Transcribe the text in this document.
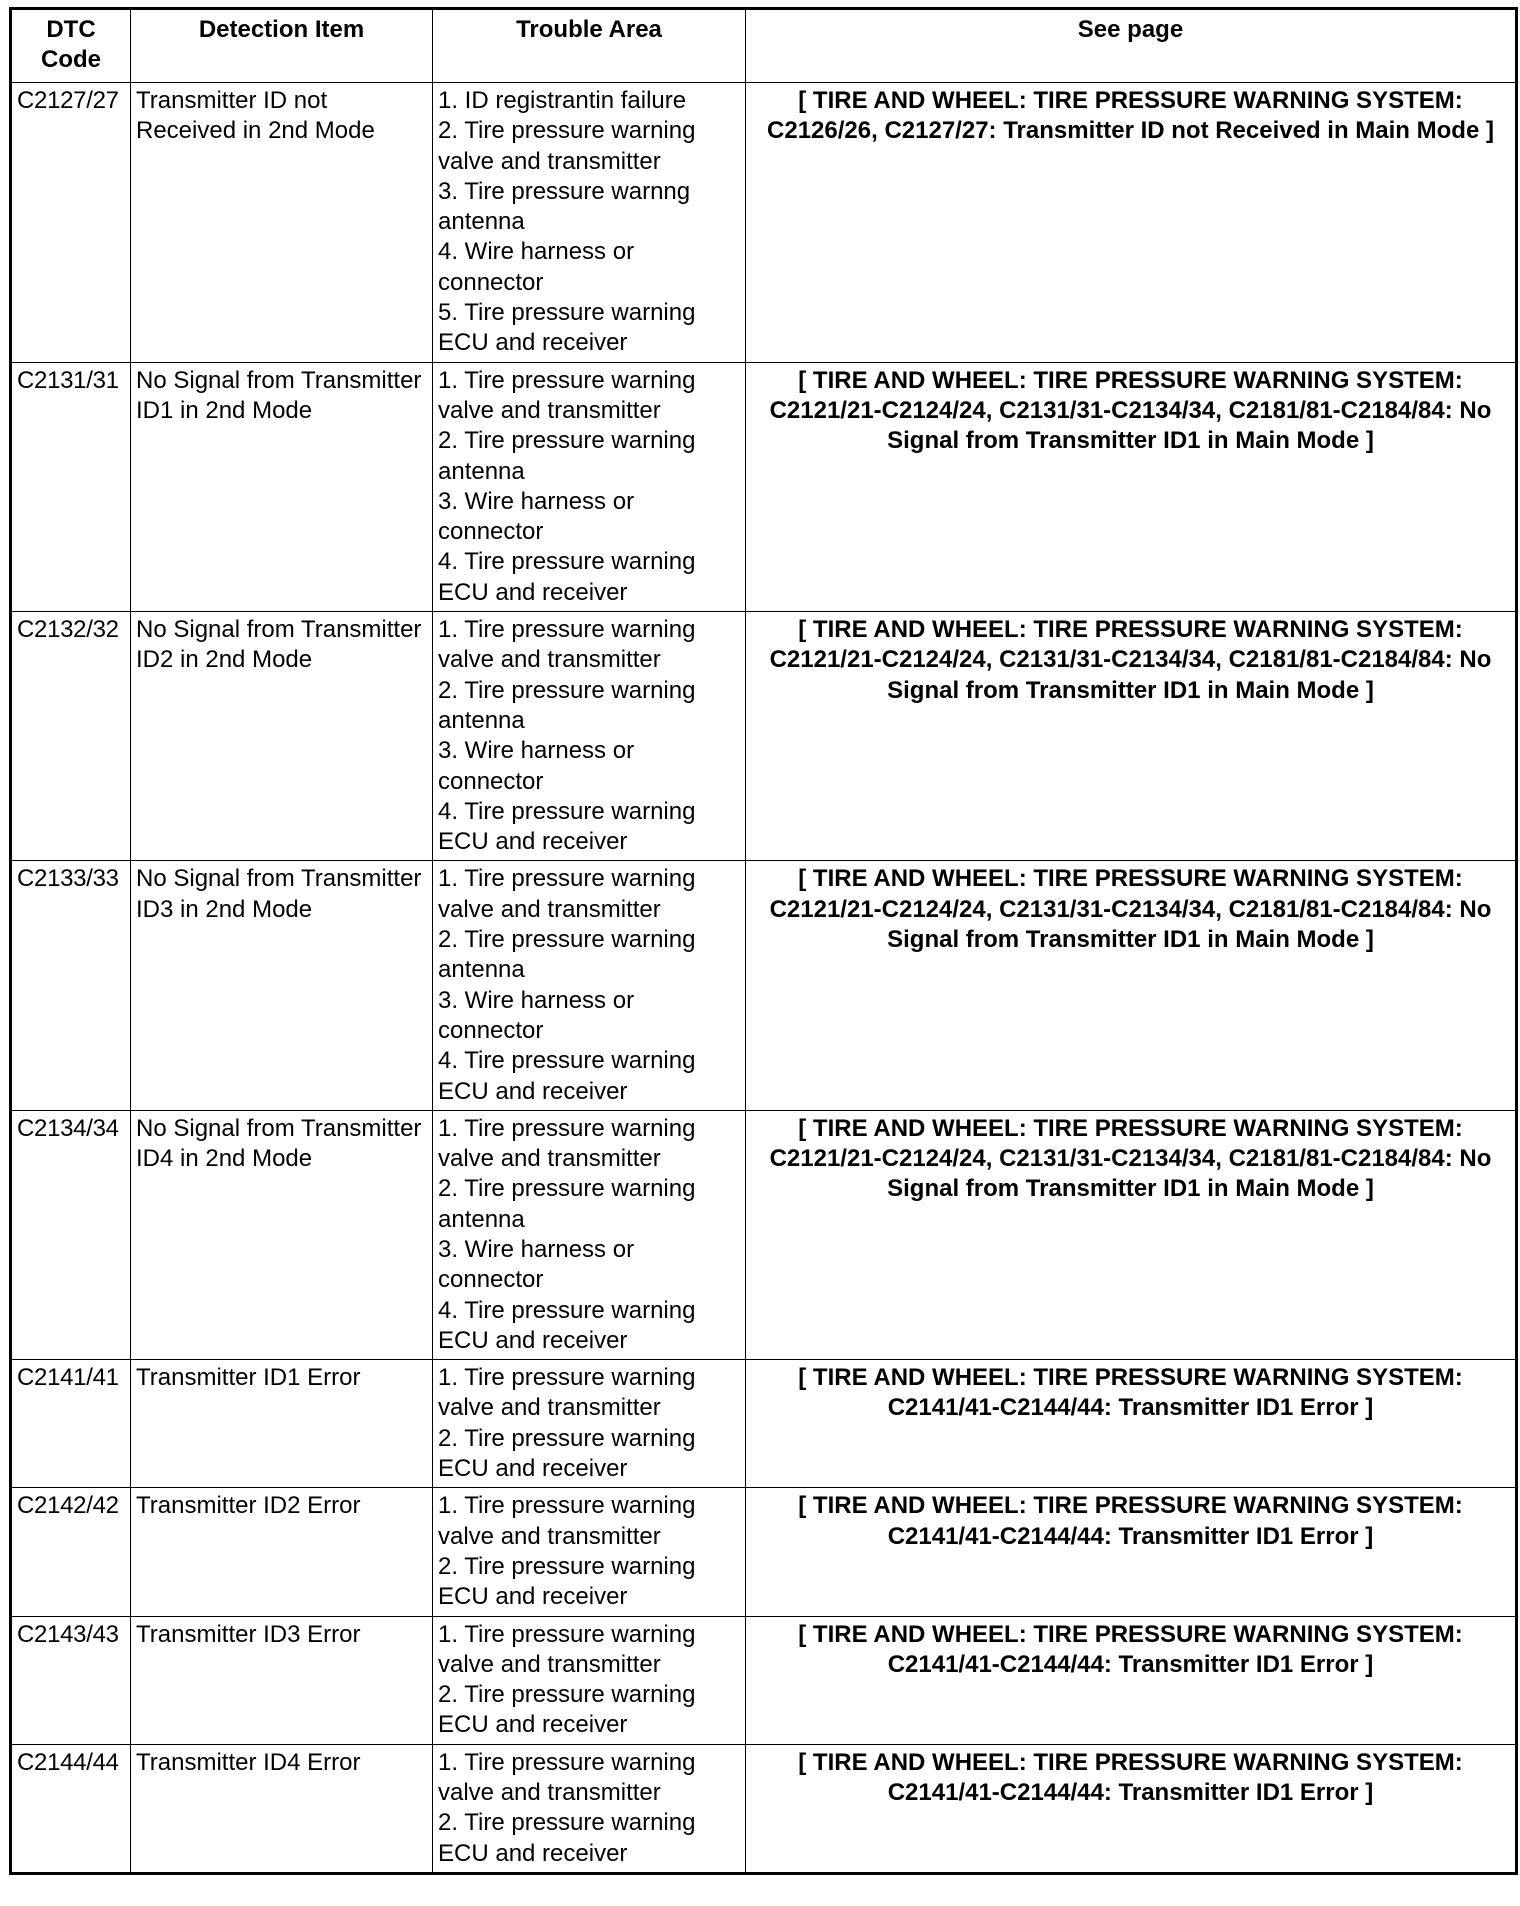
DTC Code	Detection Item	Trouble Area	See page
C2127/27	Transmitter ID not Received in 2nd Mode	1. ID registrantin failure
2. Tire pressure warning valve and transmitter
3. Tire pressure warnng antenna
4. Wire harness or connector
5. Tire pressure warning ECU and receiver	[ TIRE AND WHEEL: TIRE PRESSURE WARNING SYSTEM: C2126/26, C2127/27: Transmitter ID not Received in Main Mode ]
C2131/31	No Signal from Transmitter ID1 in 2nd Mode	1. Tire pressure warning valve and transmitter
2. Tire pressure warning antenna
3. Wire harness or connector
4. Tire pressure warning ECU and receiver	[ TIRE AND WHEEL: TIRE PRESSURE WARNING SYSTEM: C2121/21-C2124/24, C2131/31-C2134/34, C2181/81-C2184/84: No Signal from Transmitter ID1 in Main Mode ]
C2132/32	No Signal from Transmitter ID2 in 2nd Mode	1. Tire pressure warning valve and transmitter
2. Tire pressure warning antenna
3. Wire harness or connector
4. Tire pressure warning ECU and receiver	[ TIRE AND WHEEL: TIRE PRESSURE WARNING SYSTEM: C2121/21-C2124/24, C2131/31-C2134/34, C2181/81-C2184/84: No Signal from Transmitter ID1 in Main Mode ]
C2133/33	No Signal from Transmitter ID3 in 2nd Mode	1. Tire pressure warning valve and transmitter
2. Tire pressure warning antenna
3. Wire harness or connector
4. Tire pressure warning ECU and receiver	[ TIRE AND WHEEL: TIRE PRESSURE WARNING SYSTEM: C2121/21-C2124/24, C2131/31-C2134/34, C2181/81-C2184/84: No Signal from Transmitter ID1 in Main Mode ]
C2134/34	No Signal from Transmitter ID4 in 2nd Mode	1. Tire pressure warning valve and transmitter
2. Tire pressure warning antenna
3. Wire harness or connector
4. Tire pressure warning ECU and receiver	[ TIRE AND WHEEL: TIRE PRESSURE WARNING SYSTEM: C2121/21-C2124/24, C2131/31-C2134/34, C2181/81-C2184/84: No Signal from Transmitter ID1 in Main Mode ]
C2141/41	Transmitter ID1 Error	1. Tire pressure warning valve and transmitter
2. Tire pressure warning ECU and receiver	[ TIRE AND WHEEL: TIRE PRESSURE WARNING SYSTEM: C2141/41-C2144/44: Transmitter ID1 Error ]
C2142/42	Transmitter ID2 Error	1. Tire pressure warning valve and transmitter
2. Tire pressure warning ECU and receiver	[ TIRE AND WHEEL: TIRE PRESSURE WARNING SYSTEM: C2141/41-C2144/44: Transmitter ID1 Error ]
C2143/43	Transmitter ID3 Error	1. Tire pressure warning valve and transmitter
2. Tire pressure warning ECU and receiver	[ TIRE AND WHEEL: TIRE PRESSURE WARNING SYSTEM: C2141/41-C2144/44: Transmitter ID1 Error ]
C2144/44	Transmitter ID4 Error	1. Tire pressure warning valve and transmitter
2. Tire pressure warning ECU and receiver	[ TIRE AND WHEEL: TIRE PRESSURE WARNING SYSTEM: C2141/41-C2144/44: Transmitter ID1 Error ]
